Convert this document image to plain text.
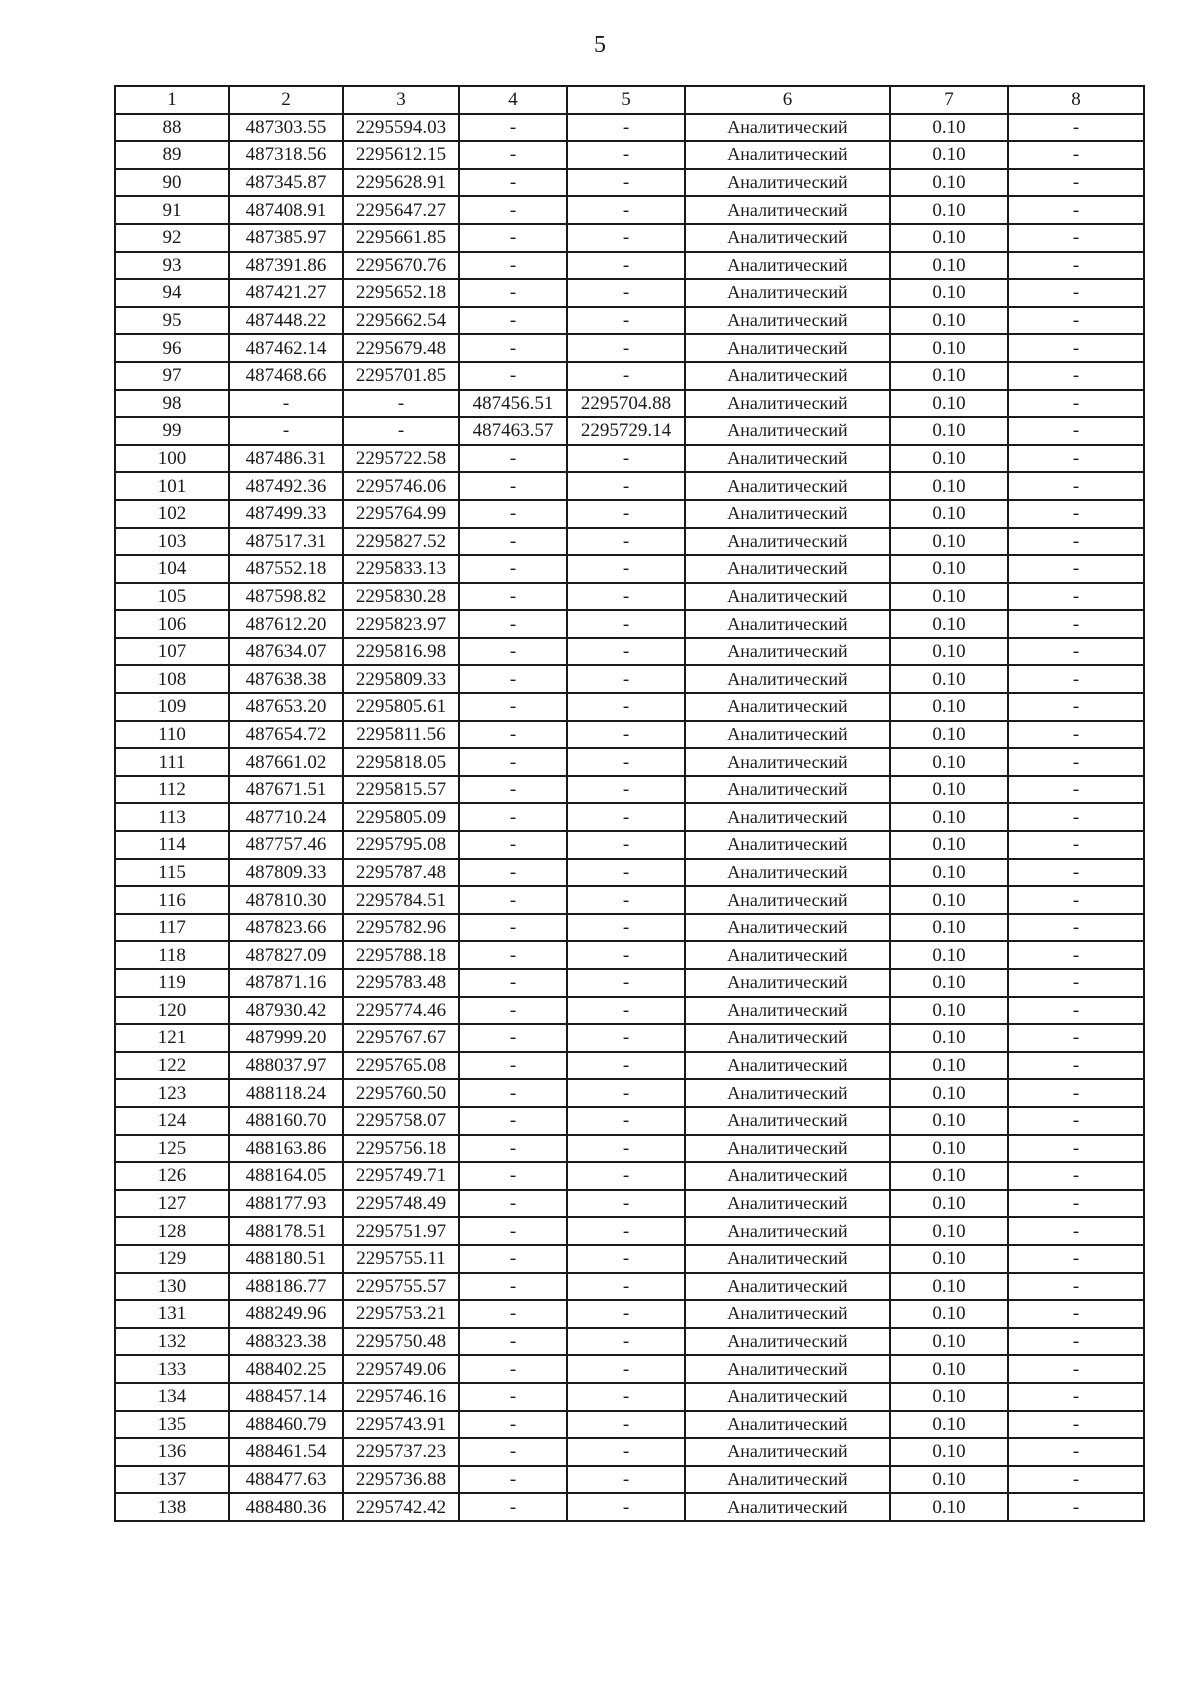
5
1	2	3	4	5	6	7	8
88	487303.55	2295594.03	-	-	Аналитический	0.10	-
89	487318.56	2295612.15	-	-	Аналитический	0.10	-
90	487345.87	2295628.91	-	-	Аналитический	0.10	-
91	487408.91	2295647.27	-	-	Аналитический	0.10	-
92	487385.97	2295661.85	-	-	Аналитический	0.10	-
93	487391.86	2295670.76	-	-	Аналитический	0.10	-
94	487421.27	2295652.18	-	-	Аналитический	0.10	-
95	487448.22	2295662.54	-	-	Аналитический	0.10	-
96	487462.14	2295679.48	-	-	Аналитический	0.10	-
97	487468.66	2295701.85	-	-	Аналитический	0.10	-
98	-	-	487456.51	2295704.88	Аналитический	0.10	-
99	-	-	487463.57	2295729.14	Аналитический	0.10	-
100	487486.31	2295722.58	-	-	Аналитический	0.10	-
101	487492.36	2295746.06	-	-	Аналитический	0.10	-
102	487499.33	2295764.99	-	-	Аналитический	0.10	-
103	487517.31	2295827.52	-	-	Аналитический	0.10	-
104	487552.18	2295833.13	-	-	Аналитический	0.10	-
105	487598.82	2295830.28	-	-	Аналитический	0.10	-
106	487612.20	2295823.97	-	-	Аналитический	0.10	-
107	487634.07	2295816.98	-	-	Аналитический	0.10	-
108	487638.38	2295809.33	-	-	Аналитический	0.10	-
109	487653.20	2295805.61	-	-	Аналитический	0.10	-
110	487654.72	2295811.56	-	-	Аналитический	0.10	-
111	487661.02	2295818.05	-	-	Аналитический	0.10	-
112	487671.51	2295815.57	-	-	Аналитический	0.10	-
113	487710.24	2295805.09	-	-	Аналитический	0.10	-
114	487757.46	2295795.08	-	-	Аналитический	0.10	-
115	487809.33	2295787.48	-	-	Аналитический	0.10	-
116	487810.30	2295784.51	-	-	Аналитический	0.10	-
117	487823.66	2295782.96	-	-	Аналитический	0.10	-
118	487827.09	2295788.18	-	-	Аналитический	0.10	-
119	487871.16	2295783.48	-	-	Аналитический	0.10	-
120	487930.42	2295774.46	-	-	Аналитический	0.10	-
121	487999.20	2295767.67	-	-	Аналитический	0.10	-
122	488037.97	2295765.08	-	-	Аналитический	0.10	-
123	488118.24	2295760.50	-	-	Аналитический	0.10	-
124	488160.70	2295758.07	-	-	Аналитический	0.10	-
125	488163.86	2295756.18	-	-	Аналитический	0.10	-
126	488164.05	2295749.71	-	-	Аналитический	0.10	-
127	488177.93	2295748.49	-	-	Аналитический	0.10	-
128	488178.51	2295751.97	-	-	Аналитический	0.10	-
129	488180.51	2295755.11	-	-	Аналитический	0.10	-
130	488186.77	2295755.57	-	-	Аналитический	0.10	-
131	488249.96	2295753.21	-	-	Аналитический	0.10	-
132	488323.38	2295750.48	-	-	Аналитический	0.10	-
133	488402.25	2295749.06	-	-	Аналитический	0.10	-
134	488457.14	2295746.16	-	-	Аналитический	0.10	-
135	488460.79	2295743.91	-	-	Аналитический	0.10	-
136	488461.54	2295737.23	-	-	Аналитический	0.10	-
137	488477.63	2295736.88	-	-	Аналитический	0.10	-
138	488480.36	2295742.42	-	-	Аналитический	0.10	-
